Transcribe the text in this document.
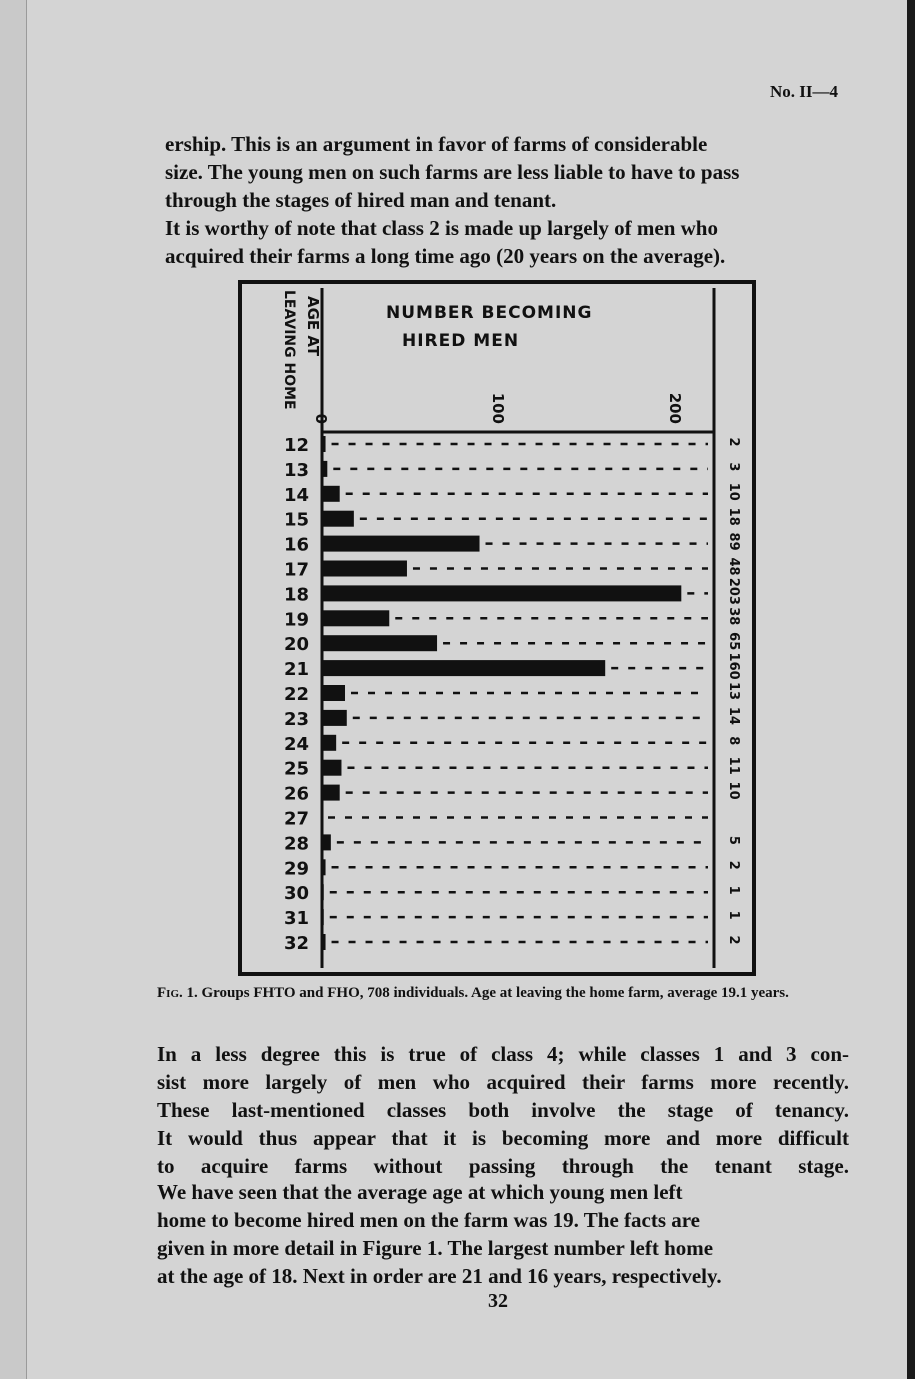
No. II—4
ership. This is an argument in favor of farms of considerable
size. The young men on such farms are less liable to have to pass
through the stages of hired man and tenant.
It is worthy of note that class 2 is made up largely of men who
acquired their farms a long time ago (20 years on the average).
AGE AT
LEAVING HOME	NUMBER BECOMING
HIRED MEN
0	100	200
12	2
13	3
14	10
15	18
16	89
17	48
18	203
19	38
20	65
21	160
22	13
23	14
24	8
25	11
26	10
27
28	5
29	2
30	1
31	1
32	2

Fig. 1. Groups FHTO and FHO, 708 individuals. Age at leaving the home farm, average 19.1 years.

In a less degree this is true of class 4; while classes 1 and 3 con-
sist more largely of men who acquired their farms more recently.
These last-mentioned classes both involve the stage of tenancy.
It would thus appear that it is becoming more and more difficult
to acquire farms without passing through the tenant stage.
We have seen that the average age at which young men left
home to become hired men on the farm was 19. The facts are
given in more detail in Figure 1. The largest number left home
at the age of 18. Next in order are 21 and 16 years, respectively.
32
